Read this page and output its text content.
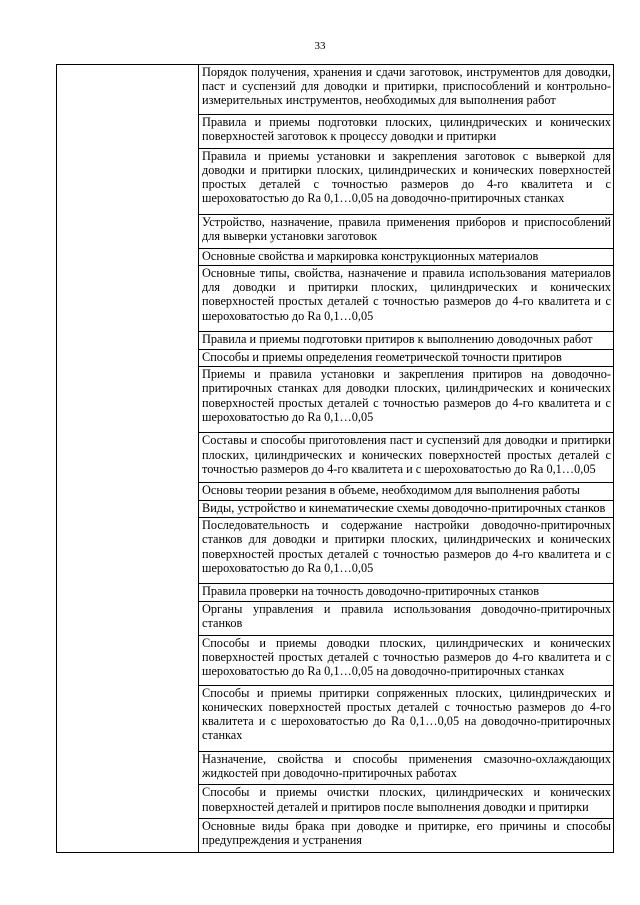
33
	Порядок получения, хранения и сдачи заготовок, инструментов для доводки, паст и суспензий для доводки и притирки, приспособлений и контрольно-измерительных инструментов, необходимых для выполнения работ
Правила и приемы подготовки плоских, цилиндрических и конических поверхностей заготовок к процессу доводки и притирки
Правила и приемы установки и закрепления заготовок с выверкой для доводки и притирки плоских, цилиндрических и конических поверхностей простых деталей с точностью размеров до 4-го квалитета и с шероховатостью до Ra 0,1…0,05 на доводочно-притирочных станках
Устройство, назначение, правила применения приборов и приспособлений для выверки установки заготовок
Основные свойства и маркировка конструкционных материалов
Основные типы, свойства, назначение и правила использования материалов для доводки и притирки плоских, цилиндрических и конических поверхностей простых деталей с точностью размеров до 4-го квалитета и с шероховатостью до Ra 0,1…0,05
Правила и приемы подготовки притиров к выполнению доводочных работ
Способы и приемы определения геометрической точности притиров
Приемы и правила установки и закрепления притиров на доводочно-притирочных станках для доводки плоских, цилиндрических и конических поверхностей простых деталей с точностью размеров до 4-го квалитета и с шероховатостью до Ra 0,1…0,05
Составы и способы приготовления паст и суспензий для доводки и притирки плоских, цилиндрических и конических поверхностей простых деталей с точностью размеров до 4-го квалитета и с шероховатостью до Ra 0,1…0,05
Основы теории резания в объеме, необходимом для выполнения работы
Виды, устройство и кинематические схемы доводочно-притирочных станков
Последовательность и содержание настройки доводочно-притирочных станков для доводки и притирки плоских, цилиндрических и конических поверхностей простых деталей с точностью размеров до 4-го квалитета и с шероховатостью до Ra 0,1…0,05
Правила проверки на точность доводочно-притирочных станков
Органы управления и правила использования доводочно-притирочных станков
Способы и приемы доводки плоских, цилиндрических и конических поверхностей простых деталей с точностью размеров до 4-го квалитета и с шероховатостью до Ra 0,1…0,05 на доводочно-притирочных станках
Способы и приемы притирки сопряженных плоских, цилиндрических и конических поверхностей простых деталей с точностью размеров до 4-го квалитета и с шероховатостью до Ra 0,1…0,05 на доводочно-притирочных станках
Назначение, свойства и способы применения смазочно-охлаждающих жидкостей при доводочно-притирочных работах
Способы и приемы очистки плоских, цилиндрических и конических поверхностей деталей и притиров после выполнения доводки и притирки
Основные виды брака при доводке и притирке, его причины и способы предупреждения и устранения
